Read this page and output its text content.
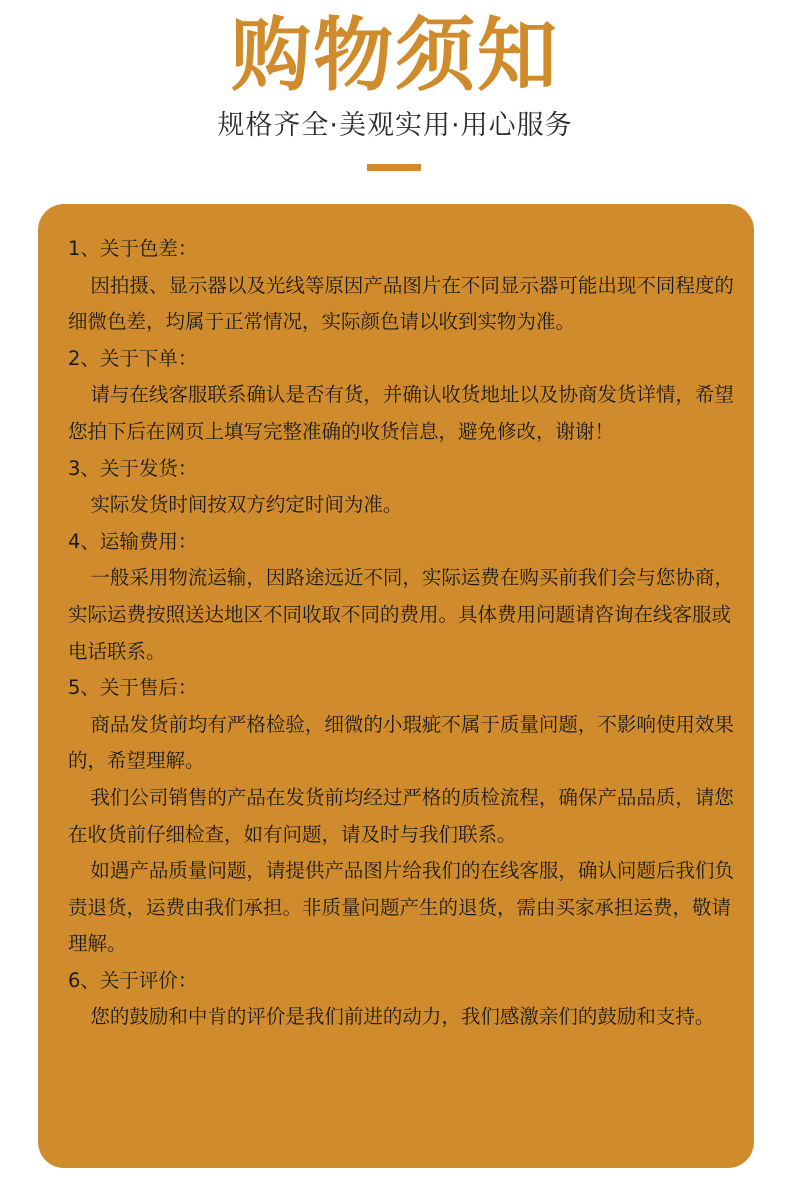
购物须知
规格齐全·美观实用·用心服务

1、关于色差：

因拍摄、显示器以及光线等原因产品图片在不同显示器可能出现不同程度的细微色差，均属于正常情况，实际颜色请以收到实物为准。

2、关于下单：

请与在线客服联系确认是否有货，并确认收货地址以及协商发货详情，希望您拍下后在网页上填写完整准确的收货信息，避免修改，谢谢！

3、关于发货：

实际发货时间按双方约定时间为准。

4、运输费用：

一般采用物流运输，因路途远近不同，实际运费在购买前我们会与您协商，实际运费按照送达地区不同收取不同的费用。具体费用问题请咨询在线客服或电话联系。

5、关于售后：

商品发货前均有严格检验，细微的小瑕疵不属于质量问题，不影响使用效果的，希望理解。

我们公司销售的产品在发货前均经过严格的质检流程，确保产品品质，请您在收货前仔细检查，如有问题，请及时与我们联系。

如遇产品质量问题，请提供产品图片给我们的在线客服，确认问题后我们负责退货，运费由我们承担。非质量问题产生的退货，需由买家承担运费，敬请理解。

6、关于评价：

您的鼓励和中肯的评价是我们前进的动力，我们感激亲们的鼓励和支持。
